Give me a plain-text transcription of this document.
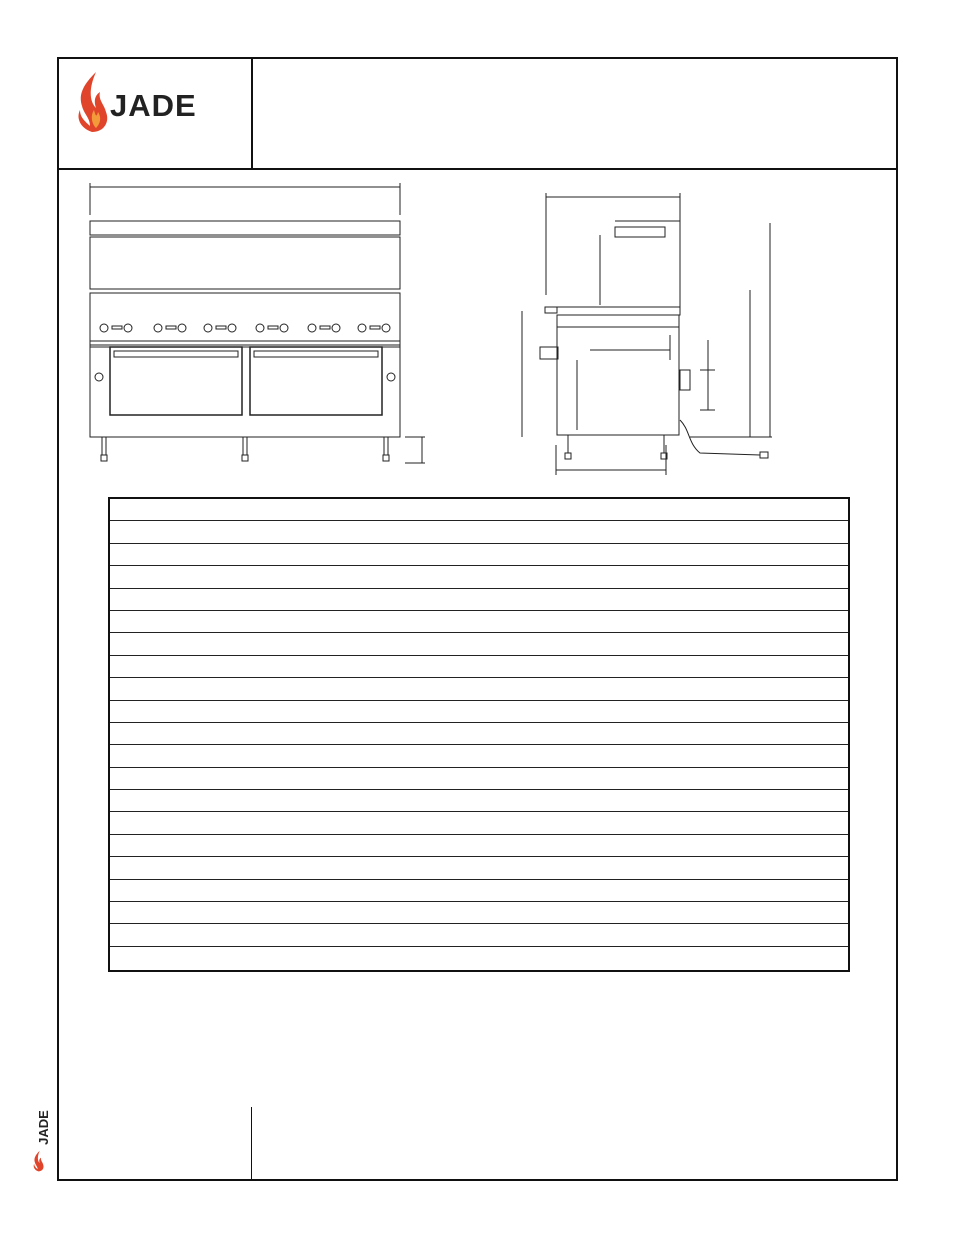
JADE
JADE
